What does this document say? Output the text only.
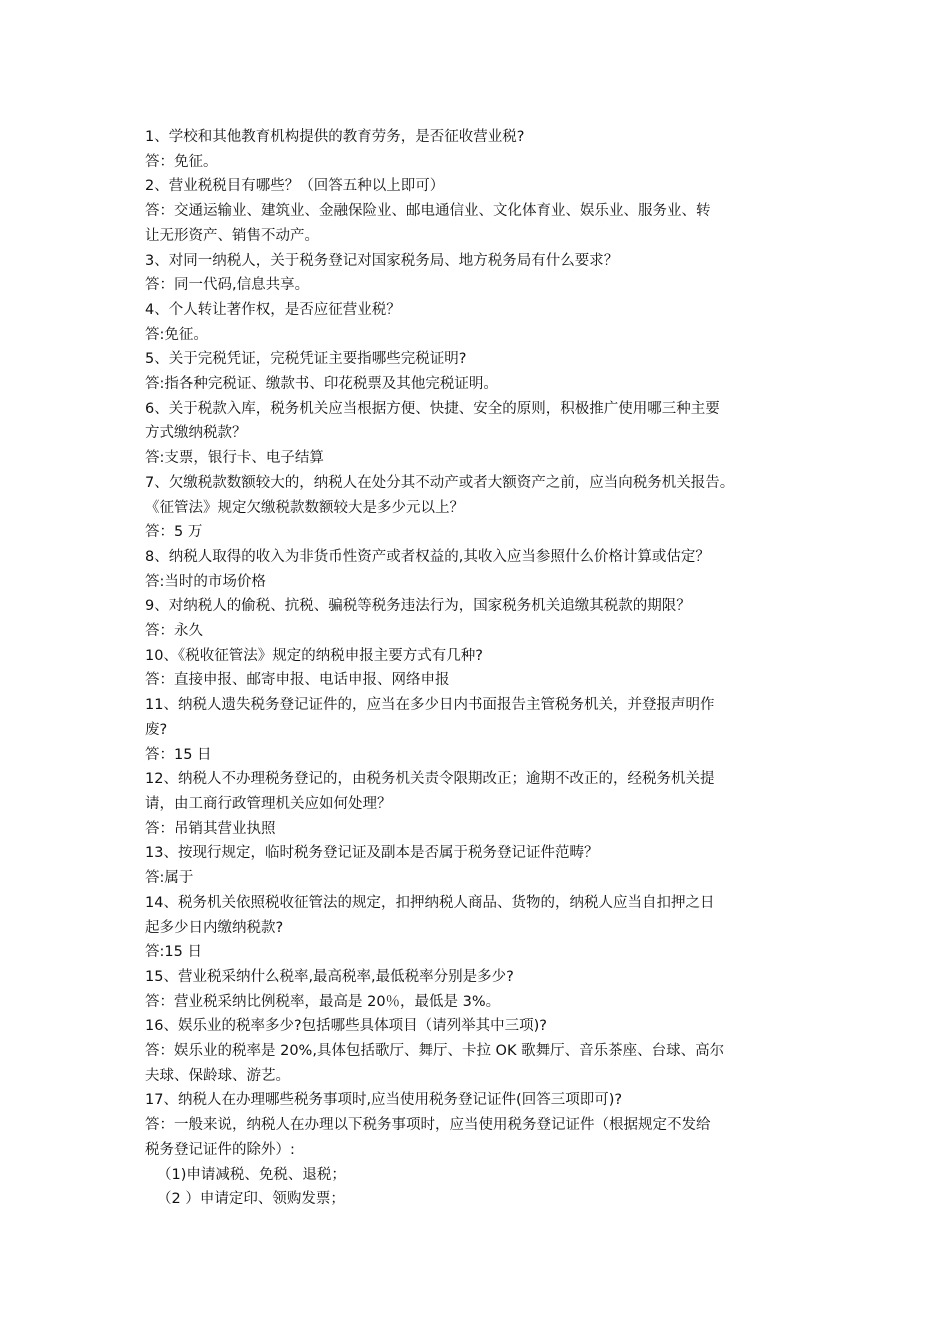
1、学校和其他教育机构提供的教育劳务，是否征收营业税?
答：免征。
2、营业税税目有哪些？（回答五种以上即可）
答：交通运输业、建筑业、金融保险业、邮电通信业、文化体育业、娱乐业、服务业、转
让无形资产、销售不动产。
3、对同一纳税人，关于税务登记对国家税务局、地方税务局有什么要求？
答：同一代码,信息共享。
4、个人转让著作权，是否应征营业税？
答:免征。
5、关于完税凭证，完税凭证主要指哪些完税证明?
答:指各种完税证、缴款书、印花税票及其他完税证明。
6、关于税款入库，税务机关应当根据方便、快捷、安全的原则，积极推广使用哪三种主要
方式缴纳税款？
答:支票，银行卡、电子结算
7、欠缴税款数额较大的，纳税人在处分其不动产或者大额资产之前，应当向税务机关报告。
《征管法》规定欠缴税款数额较大是多少元以上？
答：5 万
8、纳税人取得的收入为非货币性资产或者权益的,其收入应当参照什么价格计算或估定？
答:当时的市场价格
9、对纳税人的偷税、抗税、骗税等税务违法行为，国家税务机关追缴其税款的期限？
答：永久
10、《税收征管法》规定的纳税申报主要方式有几种?
答：直接申报、邮寄申报、电话申报、网络申报
11、纳税人遗失税务登记证件的，应当在多少日内书面报告主管税务机关，并登报声明作
废?
答：15 日
12、纳税人不办理税务登记的，由税务机关责令限期改正；逾期不改正的，经税务机关提
请，由工商行政管理机关应如何处理？
答：吊销其营业执照
13、按现行规定，临时税务登记证及副本是否属于税务登记证件范畴？
答:属于
14、税务机关依照税收征管法的规定，扣押纳税人商品、货物的，纳税人应当自扣押之日
起多少日内缴纳税款?
答:15 日
15、营业税采纳什么税率,最高税率,最低税率分别是多少?
答：营业税采纳比例税率，最高是 20％，最低是 3%。
16、娱乐业的税率多少?包括哪些具体项目（请列举其中三项)?
答：娱乐业的税率是 20%,具体包括歌厅、舞厅、卡拉 OK 歌舞厅、音乐茶座、台球、高尔
夫球、保龄球、游艺。
17、纳税人在办理哪些税务事项时,应当使用税务登记证件(回答三项即可)?
答：一般来说，纳税人在办理以下税务事项时，应当使用税务登记证件（根据规定不发给
税务登记证件的除外）:
（1)申请减税、免税、退税；
（2 ）申请定印、领购发票；
